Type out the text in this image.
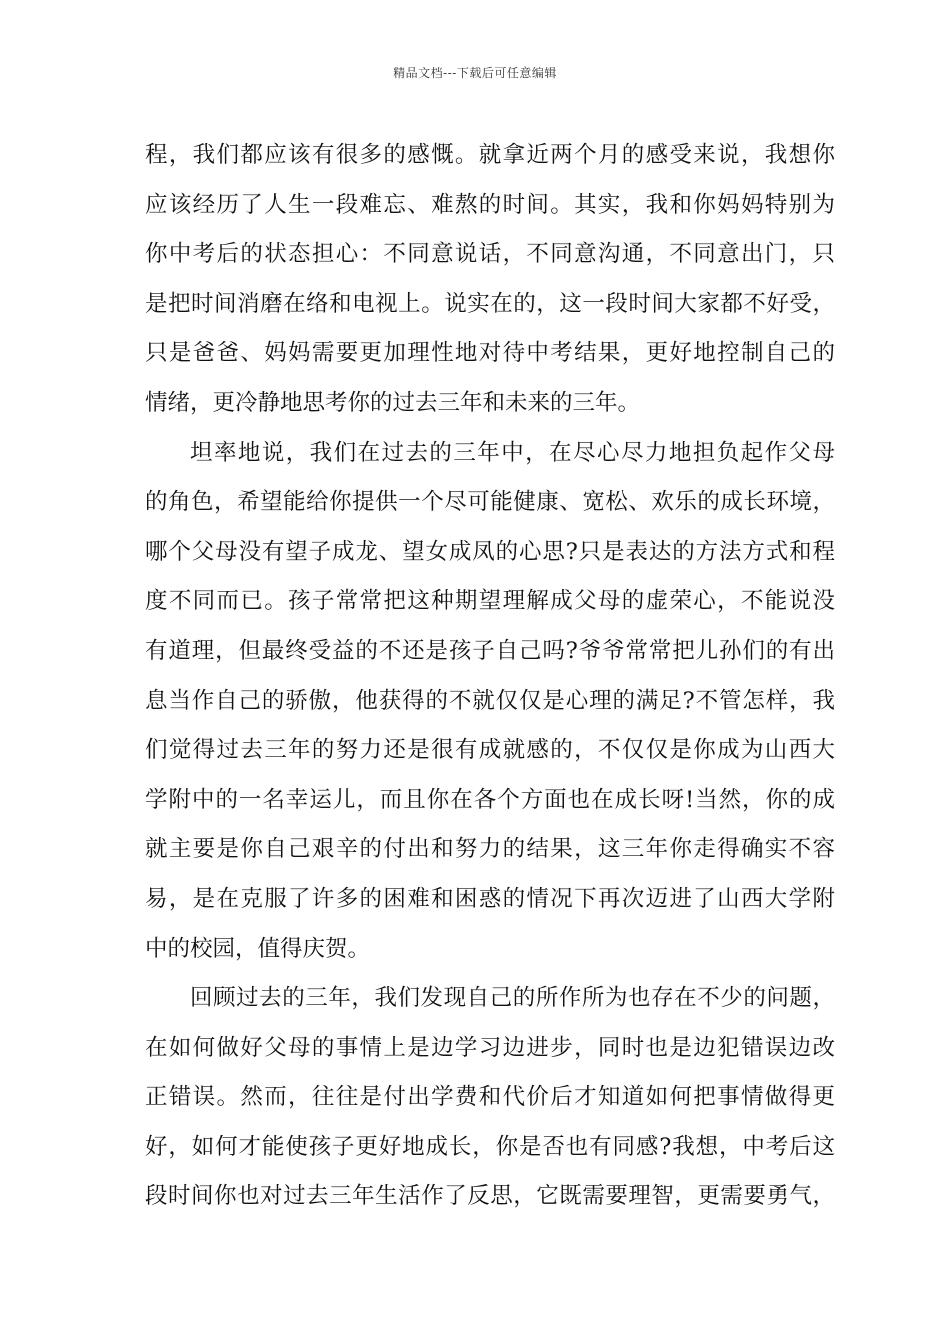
精品文档---下载后可任意编辑
程，我们都应该有很多的感慨。就拿近两个月的感受来说，我想你
应该经历了人生一段难忘、难熬的时间。其实，我和你妈妈特别为
你中考后的状态担心：不同意说话，不同意沟通，不同意出门，只
是把时间消磨在络和电视上。说实在的，这一段时间大家都不好受，
只是爸爸、妈妈需要更加理性地对待中考结果，更好地控制自己的
情绪，更冷静地思考你的过去三年和未来的三年。
坦率地说，我们在过去的三年中，在尽心尽力地担负起作父母
的角色，希望能给你提供一个尽可能健康、宽松、欢乐的成长环境，
哪个父母没有望子成龙、望女成凤的心思?只是表达的方法方式和程
度不同而已。孩子常常把这种期望理解成父母的虚荣心，不能说没
有道理，但最终受益的不还是孩子自己吗?爷爷常常把儿孙们的有出
息当作自己的骄傲，他获得的不就仅仅是心理的满足?不管怎样，我
们觉得过去三年的努力还是很有成就感的，不仅仅是你成为山西大
学附中的一名幸运儿，而且你在各个方面也在成长呀!当然，你的成
就主要是你自己艰辛的付出和努力的结果，这三年你走得确实不容
易，是在克服了许多的困难和困惑的情况下再次迈进了山西大学附
中的校园，值得庆贺。
回顾过去的三年，我们发现自己的所作所为也存在不少的问题，
在如何做好父母的事情上是边学习边进步，同时也是边犯错误边改
正错误。然而，往往是付出学费和代价后才知道如何把事情做得更
好，如何才能使孩子更好地成长，你是否也有同感?我想，中考后这
段时间你也对过去三年生活作了反思，它既需要理智，更需要勇气，
